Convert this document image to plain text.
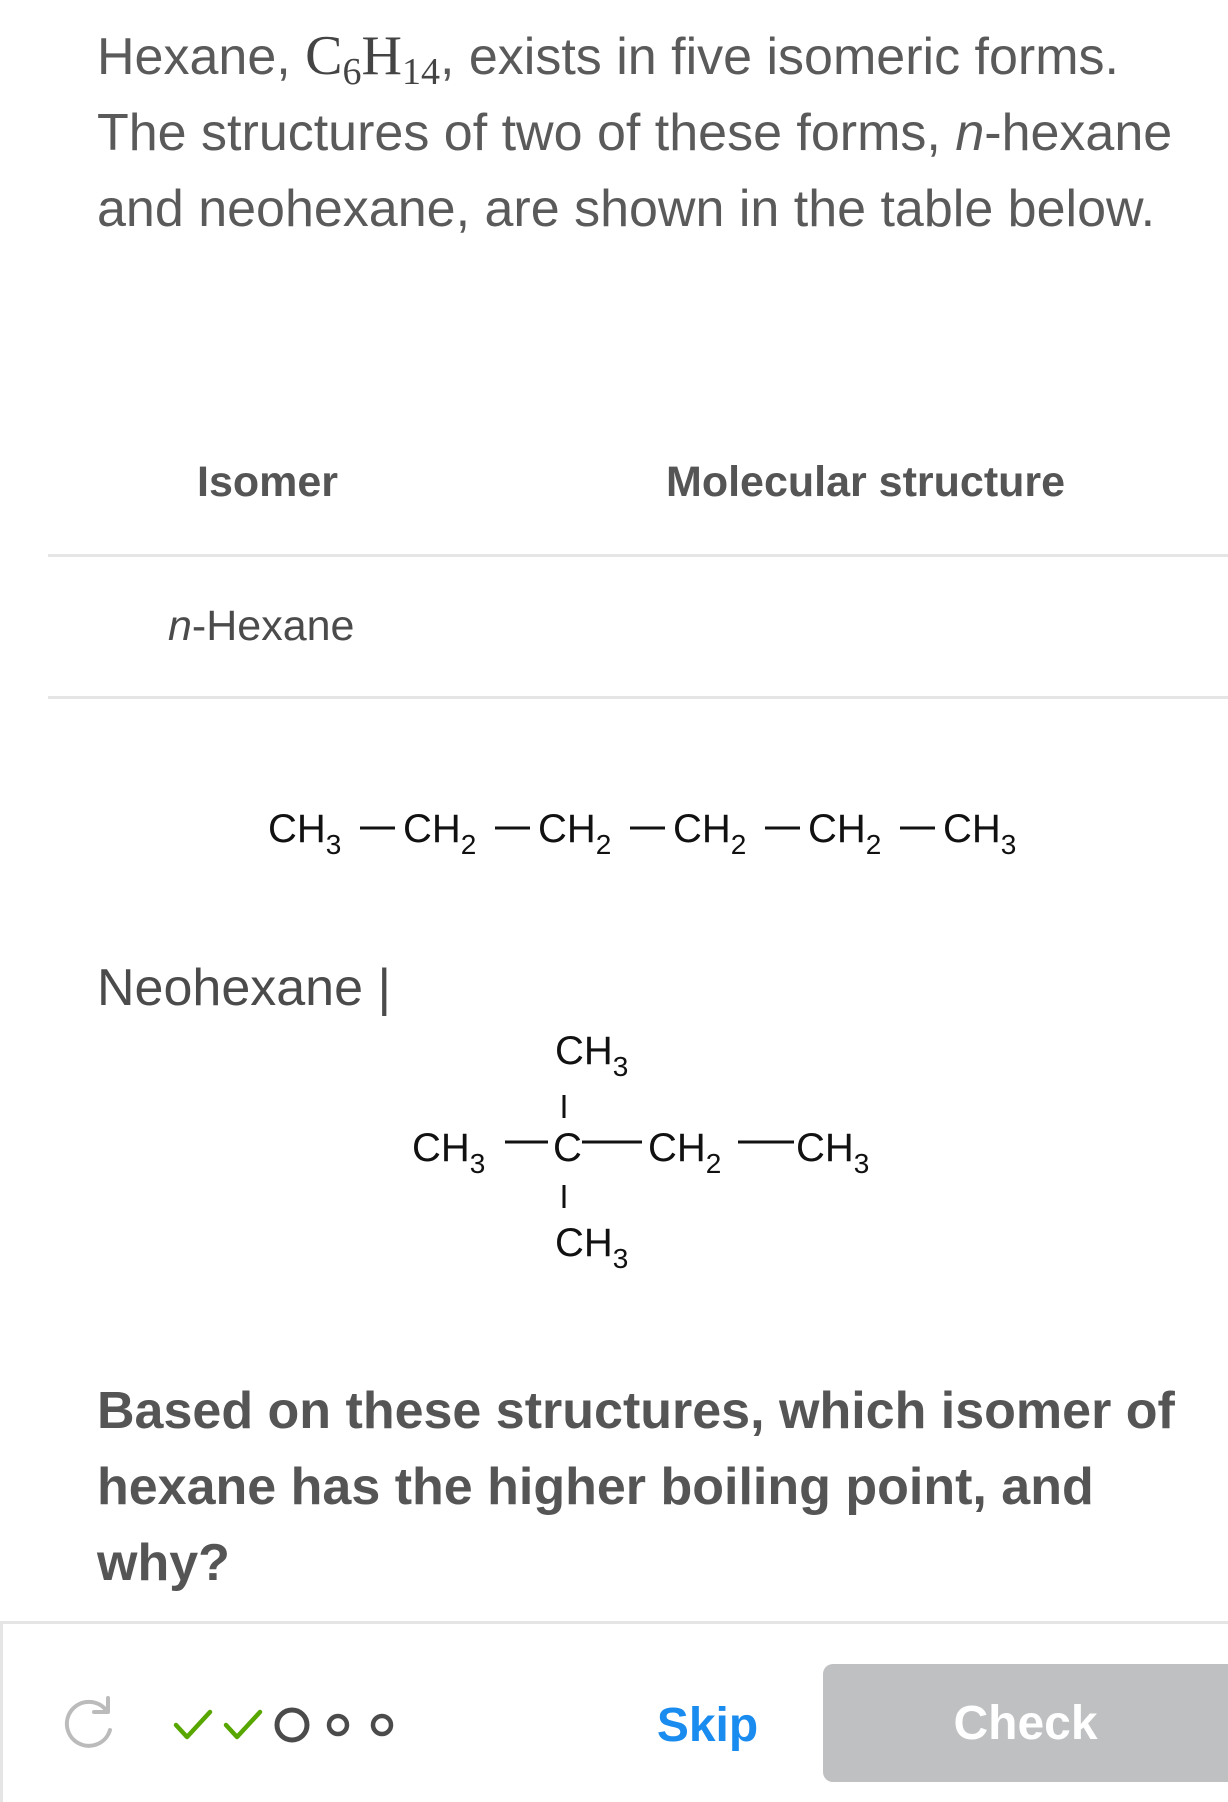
Hexane, $C_6H_{14}$, exists in five isomeric forms. The structures of two of these forms, n-hexane and neohexane, are shown in the table below.
Isomer	Molecular structure
n-Hexane
$CH_3$ $CH_2$ $CH_2$ $CH_2$ $CH_2$ $CH_3$
Neohexane |
$CH_3$
$CH_3$ C $CH_2$ $CH_3$
$CH_3$
Based on these structures, which isomer of hexane has the higher boiling point, and why?
Skip	Check
